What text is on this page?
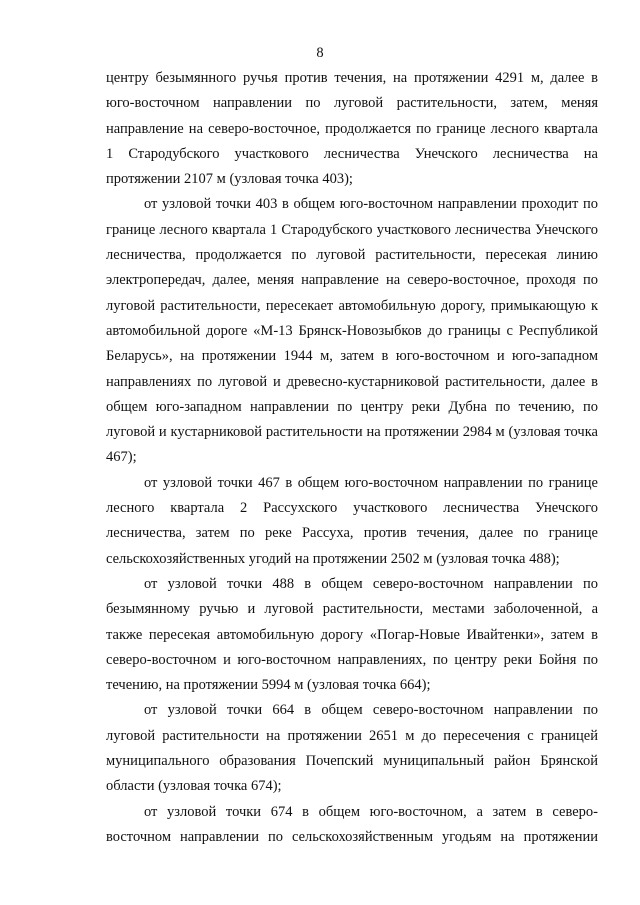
8

центру безымянного ручья против течения, на протяжении 4291 м, далее в юго-восточном направлении по луговой растительности, затем, меняя направление на северо-восточное, продолжается по границе лесного квартала 1 Стародубского участкового лесничества Унечского лесничества на протяжении 2107 м (узловая точка 403);

от узловой точки 403 в общем юго-восточном направлении проходит по границе лесного квартала 1 Стародубского участкового лесничества Унечского лесничества, продолжается по луговой растительности, пересекая линию электропередач, далее, меняя направление на северо-восточное, проходя по луговой растительности, пересекает автомобильную дорогу, примыкающую к автомобильной дороге «М-13 Брянск-Новозыбков до границы с Республикой Беларусь», на протяжении 1944 м, затем в юго-восточном и юго-западном направлениях по луговой и древесно-кустарниковой растительности, далее в общем юго-западном направлении по центру реки Дубна по течению, по луговой и кустарниковой растительности на протяжении 2984 м (узловая точка 467);

от узловой точки 467 в общем юго-восточном направлении по границе лесного квартала 2 Рассухского участкового лесничества Унечского лесничества, затем по реке Рассуха, против течения, далее по границе сельскохозяйственных угодий на протяжении 2502 м (узловая точка 488);

от узловой точки 488 в общем северо-восточном направлении по безымянному ручью и луговой растительности, местами заболоченной, а также пересекая автомобильную дорогу «Погар-Новые Ивайтенки», затем в северо-восточном и юго-восточном направлениях, по центру реки Бойня по течению, на протяжении 5994 м (узловая точка 664);

от узловой точки 664 в общем северо-восточном направлении по луговой растительности на протяжении 2651 м до пересечения с границей муниципального образования Почепский муниципальный район Брянской области (узловая точка 674);

от узловой точки 674 в общем юго-восточном, а затем в северо-восточном направлении по сельскохозяйственным угодьям на протяжении
